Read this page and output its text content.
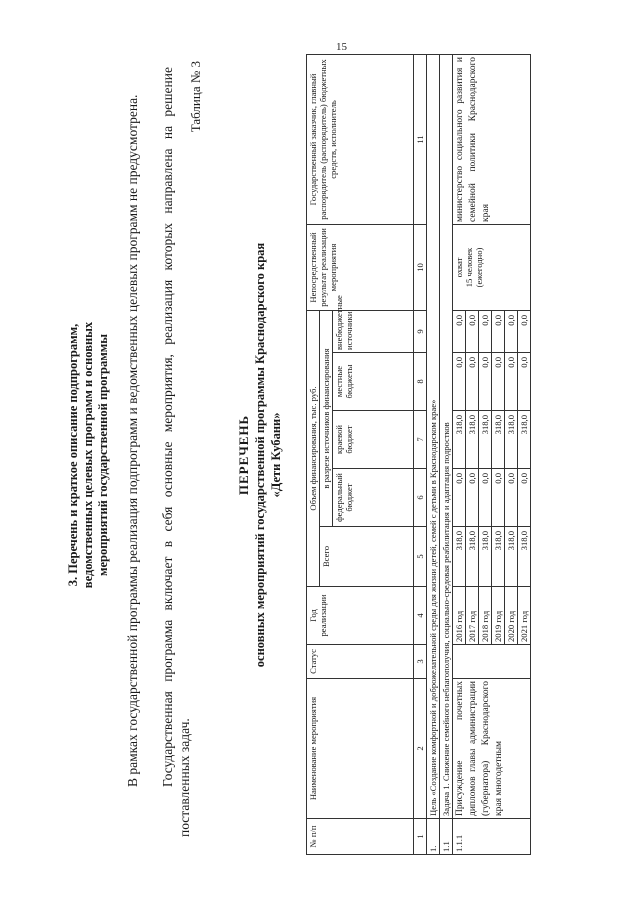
15
3. Перечень и краткое описание подпрограмм, ведомственных целевых программ и основных мероприятий государственной программы В рамках государственной программы реализация подпрограмм и ведомственных целевых программ не предусмотрена. Государственная программа включает в себя основные мероприятия, реализация которых направлена на решение поставленных задач.
Таблица № 3
ПЕРЕЧЕНЬ основных мероприятий государственной программы Краснодарского края «Дети Кубани»
№ п/п	Наименование мероприятия	Статус	Год реализации	Объем финансирования, тыс. руб.					Непосредственный результат реализации мероприятия	Государственный заказчик, главный распорядитель (распорядитель) бюджетных средств, исполнитель
				Всего	в разрезе источников финансирования					
					федеральный бюджет	краевой бюджет	местные бюджеты	внебюджетные источники		
1	2	3	4	5	6	7	8	9	10	11
1.	Цель «Создание комфортной и доброжелательной среды для жизни детей, семей с детьми в Краснодарском крае»									
1.1	Задача 1. Снижение семейного неблагополучия, социально-средовая реабилитация и адаптация подростков									
1.1.1	Присуждение почетных дипломов главы администрации (губернатора) Краснодарского края многодетным		2016 год	318,0	0,0	318,0	0,0	0,0	охват 15 человек (ежегодно)	министерство социального развития и семейной политики Краснодарского края
			2017 год	318,0	0,0	318,0	0,0	0,0		
			2018 год	318,0	0,0	318,0	0,0	0,0		
			2019 год	318,0	0,0	318,0	0,0	0,0		
			2020 год	318,0	0,0	318,0	0,0	0,0		
			2021 год	318,0	0,0	318,0	0,0	0,0		
